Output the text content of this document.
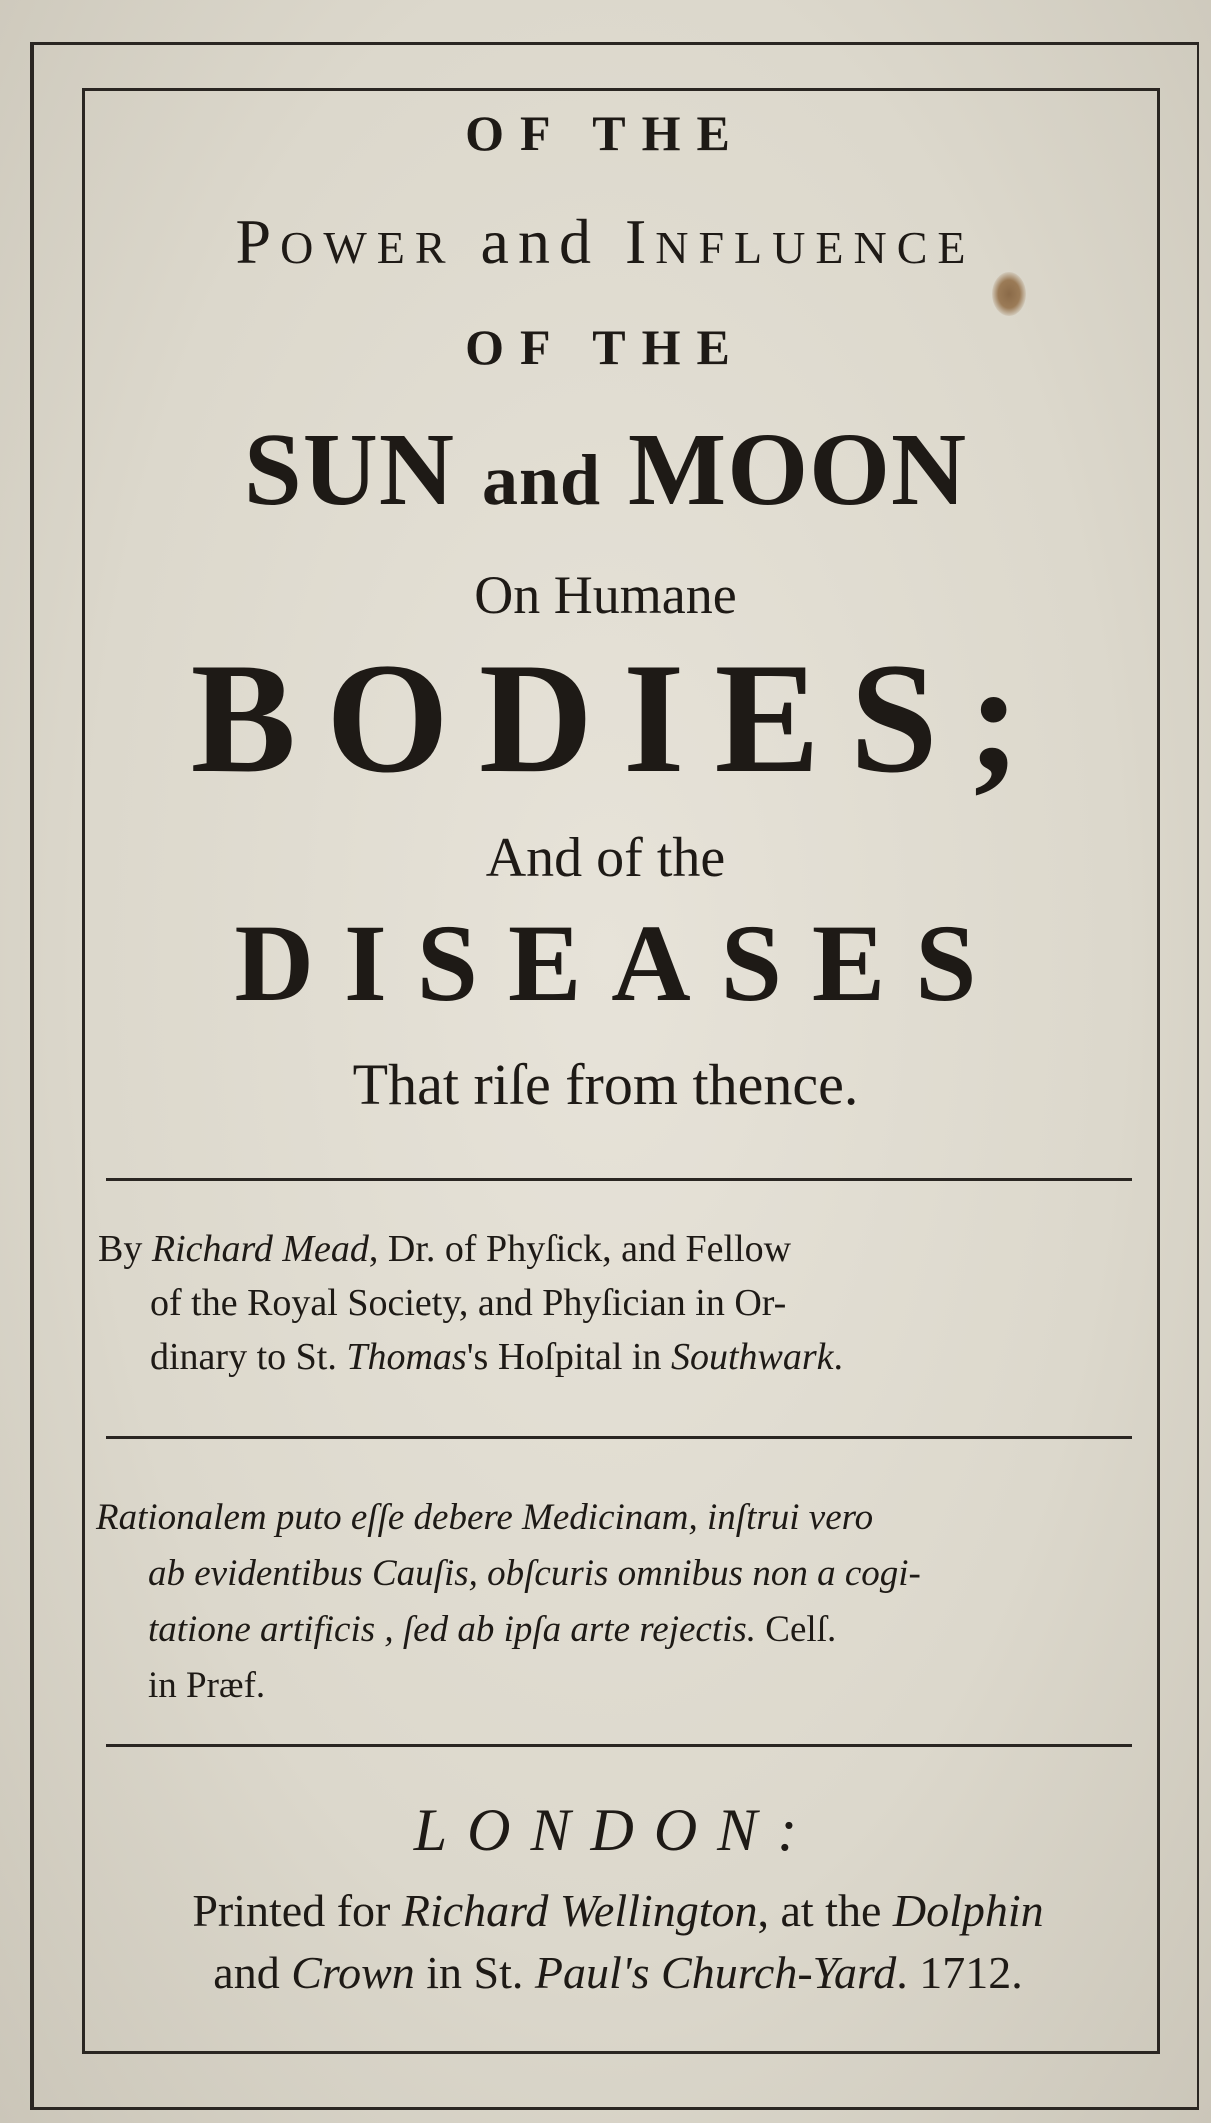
OF THE
POWER and INFLUENCE
OF THE
SUN and MOON
On Humane
BODIES;
And of the
DISEASES
That riſe from thence.
By Richard Mead, Dr. of Phyſick, and Fellow
of the Royal Society, and Phyſician in Or-
dinary to St. Thomas's Hoſpital in Southwark.
Rationalem puto eſſe debere Medicinam, inſtrui vero
ab evidentibus Cauſis, obſcuris omnibus non a cogi-
tatione artificis , ſed ab ipſa arte rejectis. Celſ.
in Præf.
LONDON:
Printed for Richard Wellington, at the Dolphin
and Crown in St. Paul's Church-Yard. 1712.
